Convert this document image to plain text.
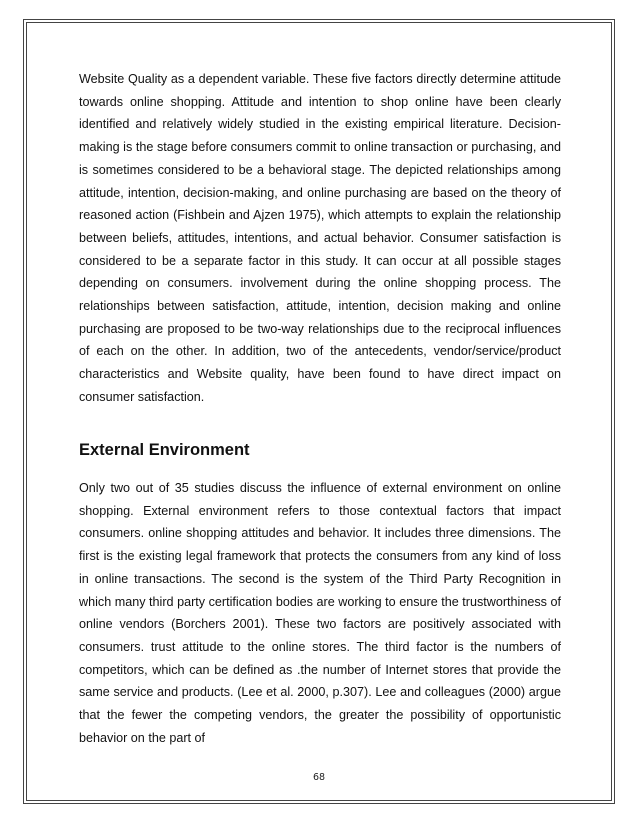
Website Quality as a dependent variable. These five factors directly determine attitude towards online shopping. Attitude and intention to shop online have been clearly identified and relatively widely studied in the existing empirical literature. Decision-making is the stage before consumers commit to online transaction or purchasing, and is sometimes considered to be a behavioral stage. The depicted relationships among attitude, intention, decision-making, and online purchasing are based on the theory of reasoned action (Fishbein and Ajzen 1975), which attempts to explain the relationship between beliefs, attitudes, intentions, and actual behavior. Consumer satisfaction is considered to be a separate factor in this study. It can occur at all possible stages depending on consumers. involvement during the online shopping process. The relationships between satisfaction, attitude, intention, decision making and online purchasing are proposed to be two-way relationships due to the reciprocal influences of each on the other. In addition, two of the antecedents, vendor/service/product characteristics and Website quality, have been found to have direct impact on consumer satisfaction.

External Environment

Only two out of 35 studies discuss the influence of external environment on online shopping. External environment refers to those contextual factors that impact consumers. online shopping attitudes and behavior. It includes three dimensions. The first is the existing legal framework that protects the consumers from any kind of loss in online transactions. The second is the system of the Third Party Recognition in which many third party certification bodies are working to ensure the trustworthiness of online vendors (Borchers 2001). These two factors are positively associated with consumers. trust attitude to the online stores. The third factor is the numbers of competitors, which can be defined as .the number of Internet stores that provide the same service and products. (Lee et al. 2000, p.307). Lee and colleagues (2000) argue that the fewer the competing vendors, the greater the possibility of opportunistic behavior on the part of

68
